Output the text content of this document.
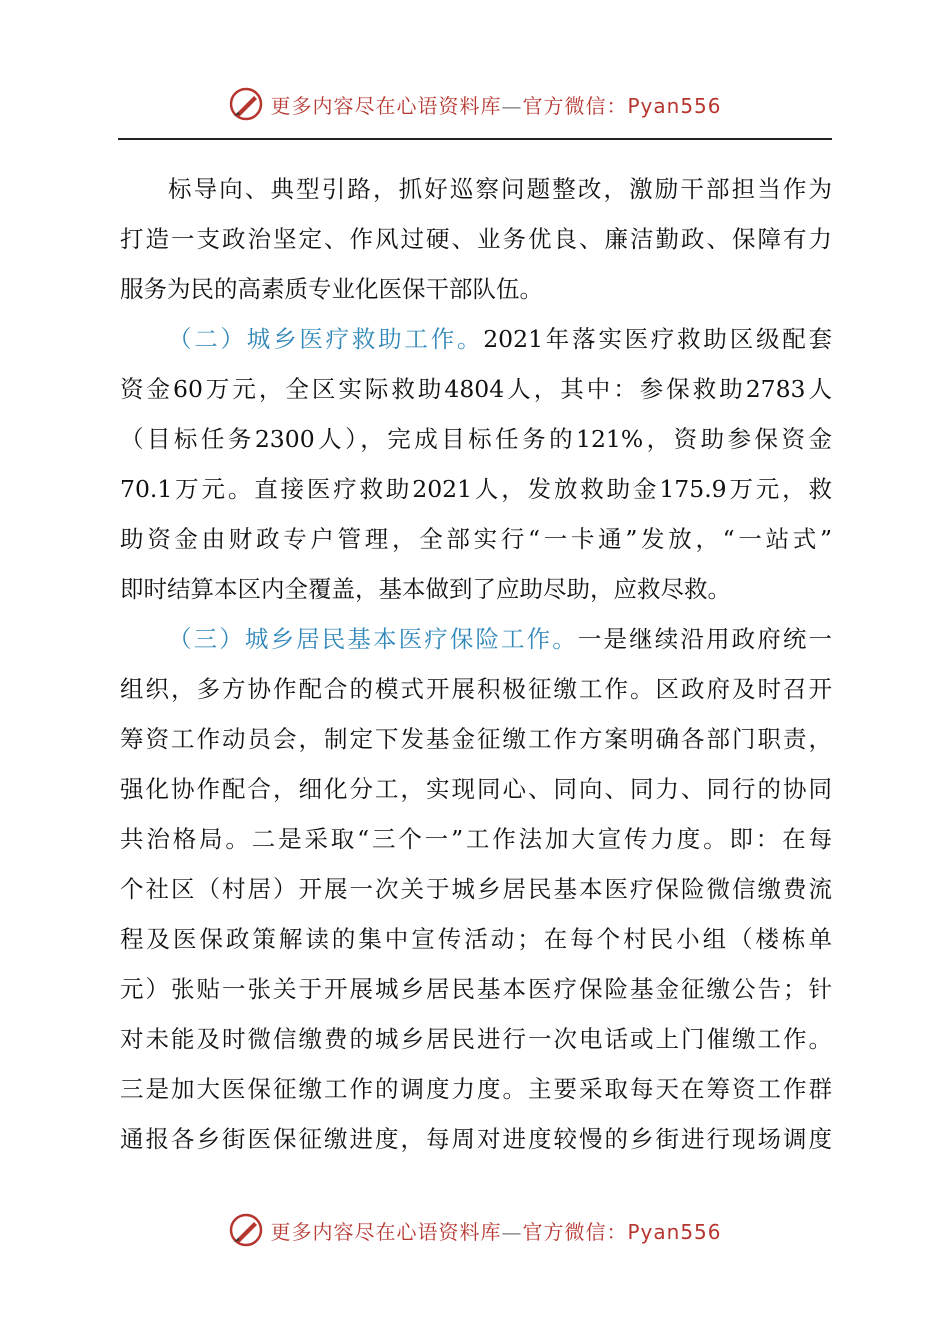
更多内容尽在心语资料库—官方微信：Pyan556
标导向、典型引路，抓好巡察问题整改，激励干部担当作为
打造一支政治坚定、作风过硬、业务优良、廉洁勤政、保障有力
服务为民的高素质专业化医保干部队伍。
（二）城乡医疗救助工作。2021年落实医疗救助区级配套
资金60万元，全区实际救助4804人，其中：参保救助2783人
（目标任务2300人），完成目标任务的121%，资助参保资金
70.1万元。直接医疗救助2021人，发放救助金175.9万元，救
助资金由财政专户管理，全部实行“一卡通”发放，“一站式”
即时结算本区内全覆盖，基本做到了应助尽助，应救尽救。
（三）城乡居民基本医疗保险工作。一是继续沿用政府统一
组织，多方协作配合的模式开展积极征缴工作。区政府及时召开
筹资工作动员会，制定下发基金征缴工作方案明确各部门职责，
强化协作配合，细化分工，实现同心、同向、同力、同行的协同
共治格局。二是采取“三个一”工作法加大宣传力度。即：在每
个社区（村居）开展一次关于城乡居民基本医疗保险微信缴费流
程及医保政策解读的集中宣传活动；在每个村民小组（楼栋单
元）张贴一张关于开展城乡居民基本医疗保险基金征缴公告；针
对未能及时微信缴费的城乡居民进行一次电话或上门催缴工作。
三是加大医保征缴工作的调度力度。主要采取每天在筹资工作群
通报各乡街医保征缴进度，每周对进度较慢的乡街进行现场调度
更多内容尽在心语资料库—官方微信：Pyan556
